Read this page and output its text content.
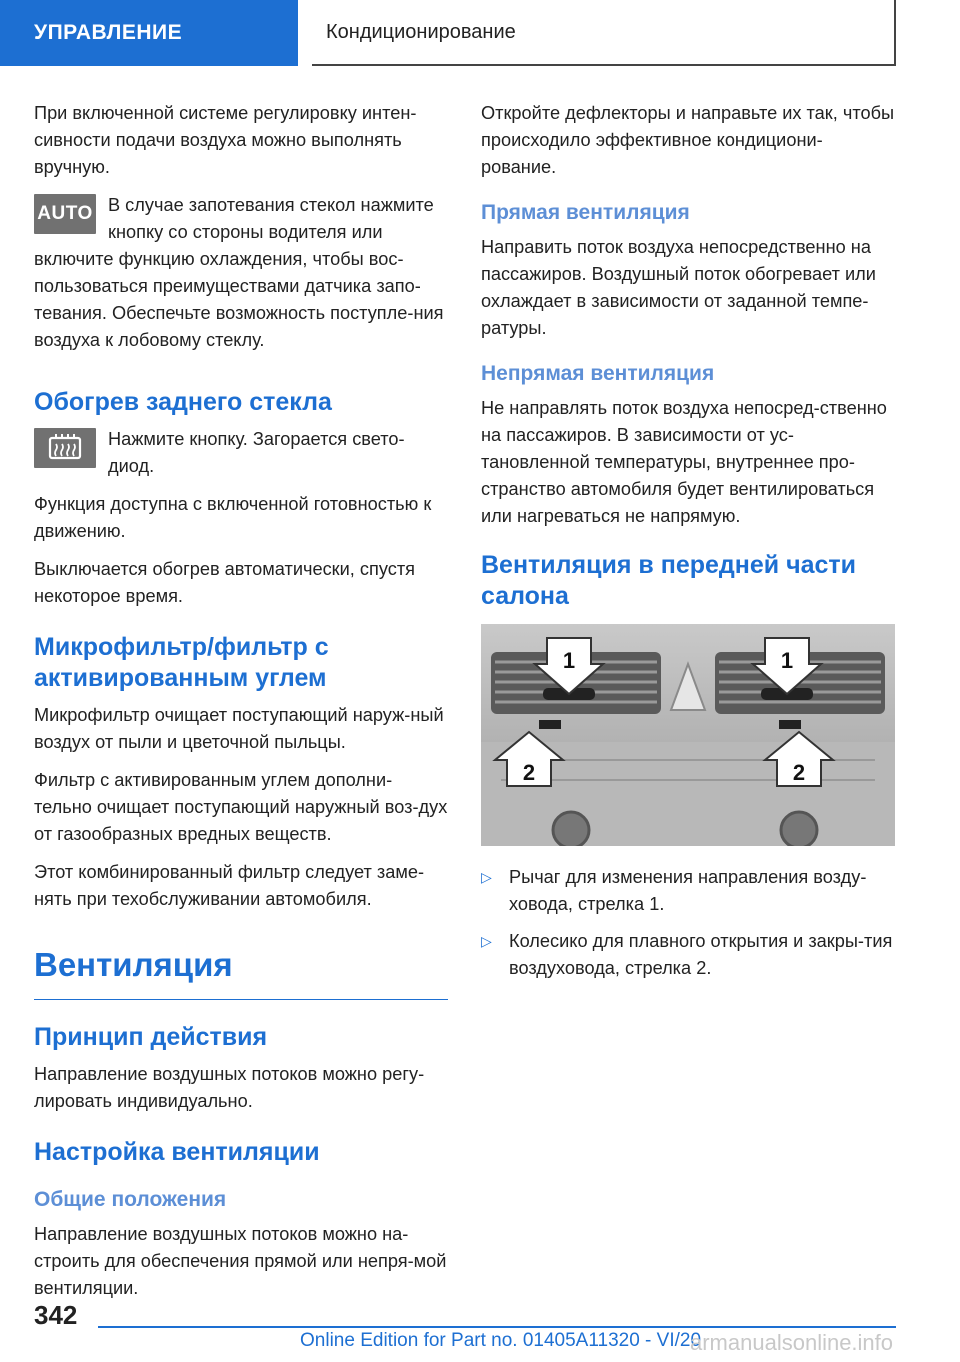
УПРАВЛЕНИЕ	Кондиционирование

При включенной системе регулировку интен-сивности подачи воздуха можно выполнять вручную.

AUTO В случае запотевания стекол нажмите кнопку со стороны водителя или включите функцию охлаждения, чтобы вос-пользоваться преимуществами датчика запо-тевания. Обеспечьте возможность поступле-ния воздуха к лобовому стеклу.

Обогрев заднего стекла

Нажмите кнопку. Загорается свето-диод.

Функция доступна с включенной готовностью к движению.

Выключается обогрев автоматически, спустя некоторое время.

Микрофильтр/фильтр с активированным углем

Микрофильтр очищает поступающий наруж-ный воздух от пыли и цветочной пыльцы.

Фильтр с активированным углем дополни-тельно очищает поступающий наружный воз-дух от газообразных вредных веществ.

Этот комбинированный фильтр следует заме-нять при техобслуживании автомобиля.

Вентиляция
Принцип действия

Направление воздушных потоков можно регу-лировать индивидуально.

Настройка вентиляции
Общие положения

Направление воздушных потоков можно на-строить для обеспечения прямой или непря-мой вентиляции.

Откройте дефлекторы и направьте их так, чтобы происходило эффективное кондициони-рование.

Прямая вентиляция

Направить поток воздуха непосредственно на пассажиров. Воздушный поток обогревает или охлаждает в зависимости от заданной темпе-ратуры.

Непрямая вентиляция

Не направлять поток воздуха непосред-ственно на пассажиров. В зависимости от ус-тановленной температуры, внутреннее про-странство автомобиля будет вентилироваться или нагреваться не напрямую.

Вентиляция в передней части салона
1	1
2	2
▷ Рычаг для изменения направления возду-ховода, стрелка 1.
▷ Колесико для плавного открытия и закры-тия воздуховода, стрелка 2.
342
Online Edition for Part no. 01405A11320 - VI/20
armanualsonline.info
